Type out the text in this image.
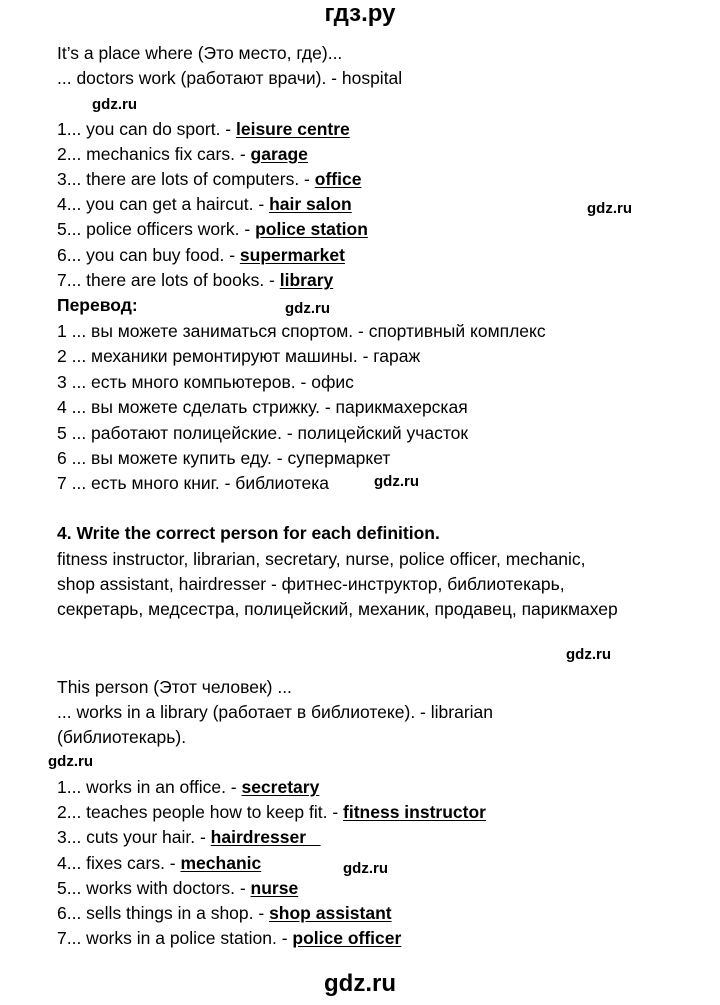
гдз.ру
It’s a place where (Это место, где)...
... doctors work (работают врачи). - hospital
gdz.ru
1... you can do sport. - leisure centre
2... mechanics fix cars. - garage
3... there are lots of computers. - office
4... you can get a haircut. - hair salon	gdz.ru
5... police officers work. - police station
6... you can buy food. - supermarket
7... there are lots of books. - library
Перевод:	gdz.ru
1 ... вы можете заниматься спортом. - спортивный комплекс
2 ... механики ремонтируют машины. - гараж
3 ... есть много компьютеров. - офис
4 ... вы можете сделать стрижку. - парикмахерская
5 ... работают полицейские. - полицейский участок
6 ... вы можете купить еду. - супермаркет
7 ... есть много книг. - библиотека	gdz.ru
4. Write the correct person for each definition.
fitness instructor, librarian, secretary, nurse, police officer, mechanic,
shop assistant, hairdresser - фитнес-инструктор, библиотекарь,
секретарь, медсестра, полицейский, механик, продавец, парикмахер
gdz.ru
This person (Этот человек) ...
... works in a library (работает в библиотеке). - librarian
(библиотекарь).
gdz.ru
1... works in an office. - secretary
2... teaches people how to keep fit. - fitness instructor
3... cuts your hair. - hairdresser
4... fixes cars. - mechanic	gdz.ru
5... works with doctors. - nurse
6... sells things in a shop. - shop assistant
7... works in a police station. - police officer
gdz.ru
